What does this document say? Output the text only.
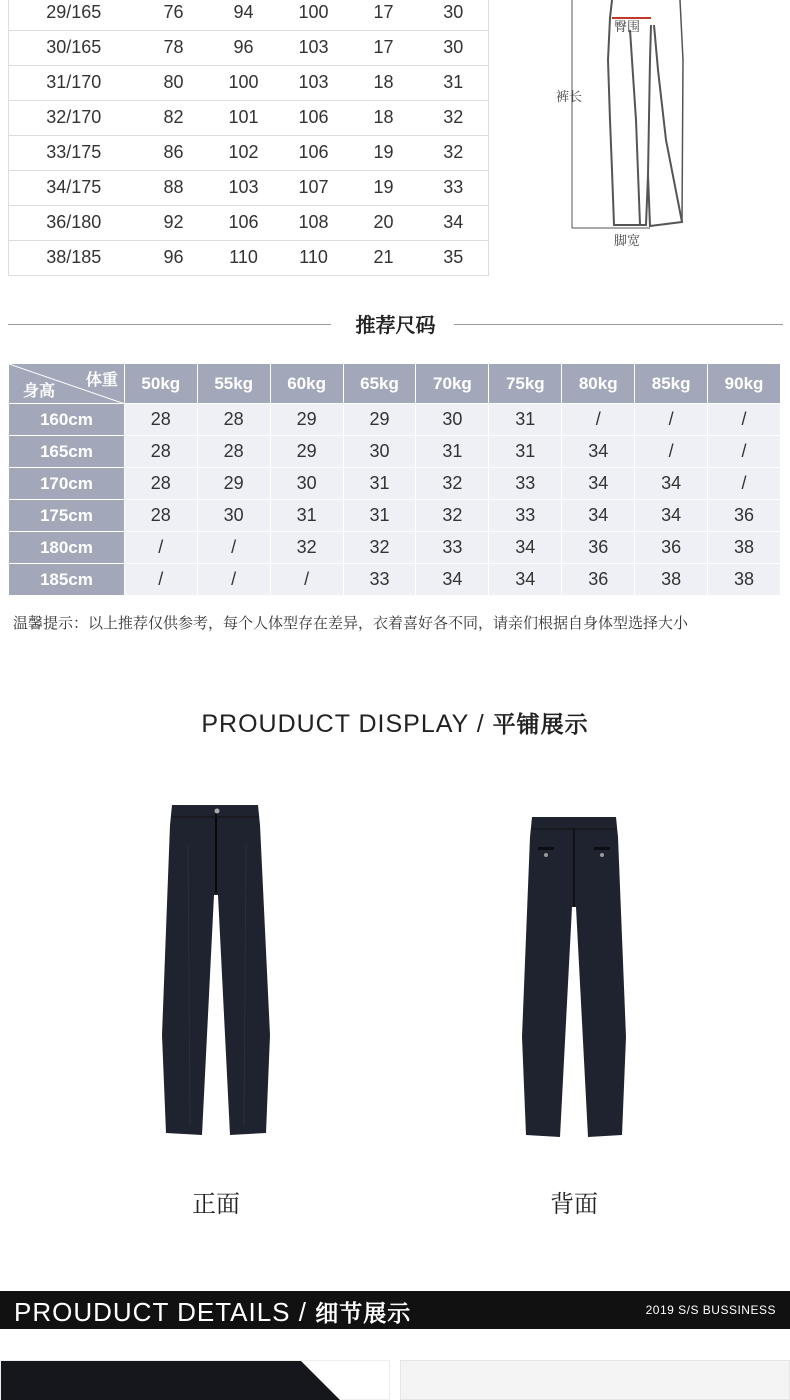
29/165	76	94	100	17	30
30/165	78	96	103	17	30
31/170	80	100	103	18	31
32/170	82	101	106	18	32
33/175	86	102	106	19	32
34/175	88	103	107	19	33
36/180	92	106	108	20	34
38/185	96	110	110	21	35
臀围
裤长
脚宽
推荐尺码
体重
身高	50kg	55kg	60kg	65kg	70kg	75kg	80kg	85kg	90kg
160cm	28	28	29	29	30	31	/	/	/
165cm	28	28	29	30	31	31	34	/	/
170cm	28	29	30	31	32	33	34	34	/
175cm	28	30	31	31	32	33	34	34	36
180cm	/	/	32	32	33	34	36	36	38
185cm	/	/	/	33	34	34	36	38	38
温馨提示：以上推荐仅供参考，每个人体型存在差异，衣着喜好各不同，请亲们根据自身体型选择大小
PROUDUCT DISPLAY / 平铺展示
正面	背面
PROUDUCT DETAILS / 细节展示	2019 S/S BUSSINESS
